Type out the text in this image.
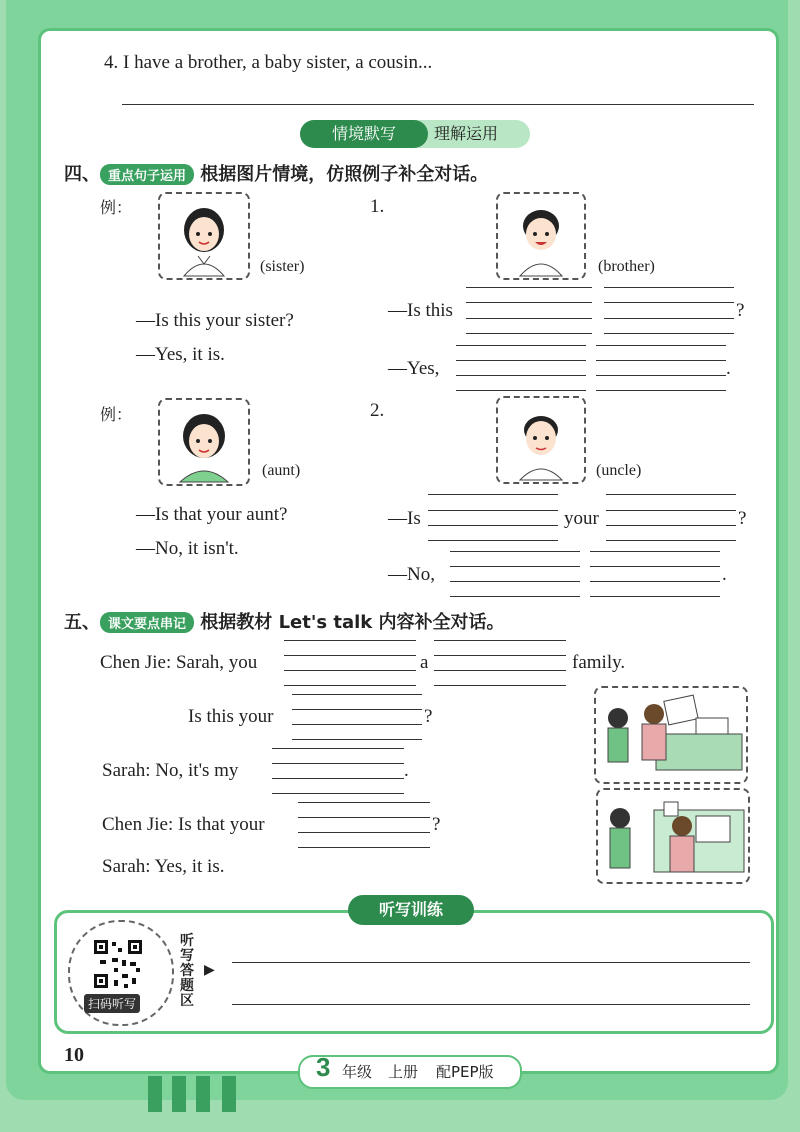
4. I have a brother, a baby sister, a cousin...
情境默写	理解运用
四、 重点句子运用 根据图片情境，仿照例子补全对话。
例：
(sister)
—Is this your sister?
—Yes, it is.
1.
(brother)
—Is this	?
—Yes,	.
例：
(aunt)
—Is that your aunt?
—No, it isn't.
2.
(uncle)
—Is	your	?
—No,	.
五、 课文要点串记 根据教材 Let's talk 内容补全对话。
Chen Jie: Sarah, you	a	family.
Is this your	?
Sarah: No, it's my	.
Chen Jie: Is that your	?
Sarah: Yes, it is.
听写训练
扫码听写
听写答题区
▶
10	3 年级 上册 配PEP版
